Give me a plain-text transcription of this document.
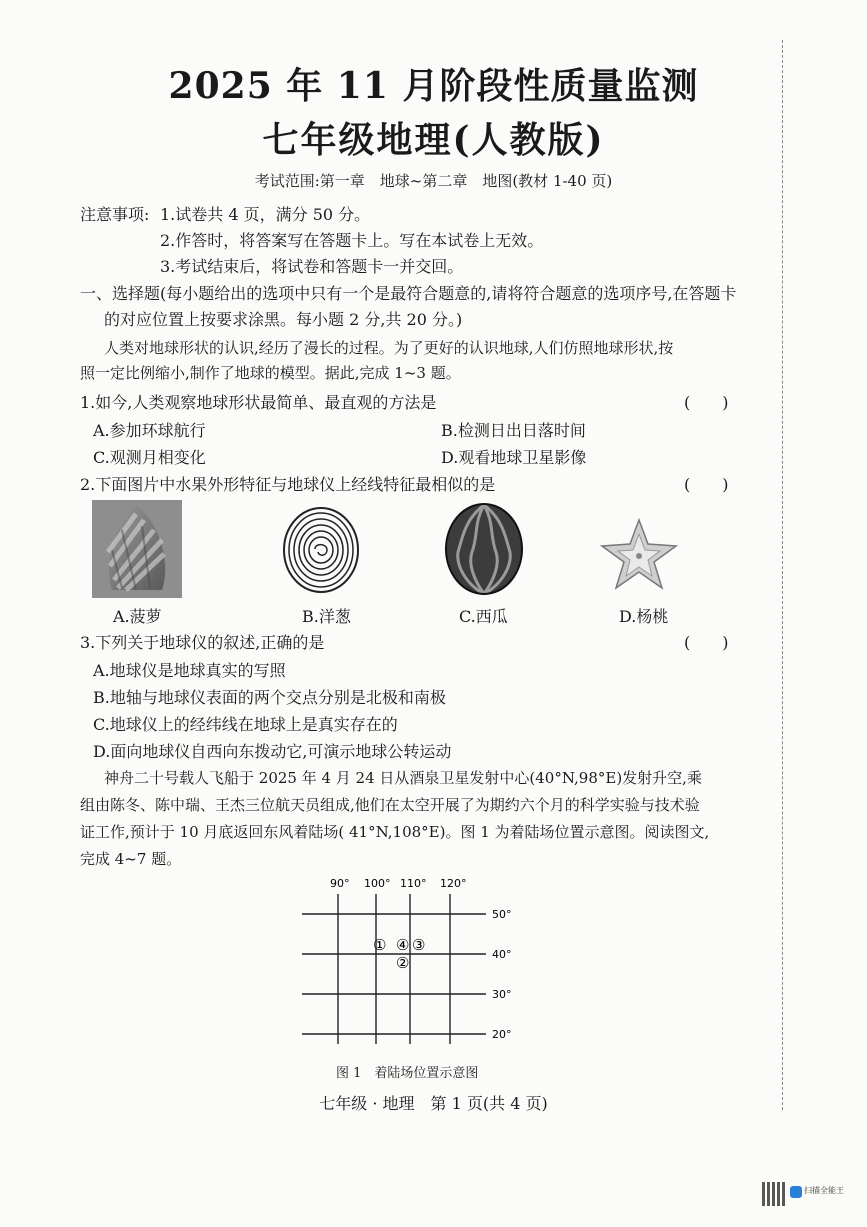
2025 年 11 月阶段性质量监测
七年级地理(人教版)
考试范围:第一章　地球~第二章　地图(教材 1-40 页)
注意事项: 1.试卷共 4 页，满分 50 分。
2.作答时，将答案写在答题卡上。写在本试卷上无效。
3.考试结束后，将试卷和答题卡一并交回。
一、选择题(每小题给出的选项中只有一个是最符合题意的,请将符合题意的选项序号,在答题卡
的对应位置上按要求涂黑。每小题 2 分,共 20 分。)
人类对地球形状的认识,经历了漫长的过程。为了更好的认识地球,人们仿照地球形状,按
照一定比例缩小,制作了地球的模型。据此,完成 1~3 题。
1.如今,人类观察地球形状最简单、最直观的方法是	(　　)
A.参加环球航行	B.检测日出日落时间
C.观测月相变化	D.观看地球卫星影像
2.下面图片中水果外形特征与地球仪上经线特征最相似的是	(　　)
A.菠萝	B.洋葱	C.西瓜	D.杨桃
3.下列关于地球仪的叙述,正确的是	(　　)
A.地球仪是地球真实的写照
B.地轴与地球仪表面的两个交点分别是北极和南极
C.地球仪上的经纬线在地球上是真实存在的
D.面向地球仪自西向东拨动它,可演示地球公转运动
神舟二十号载人飞船于 2025 年 4 月 24 日从酒泉卫星发射中心(40°N,98°E)发射升空,乘
组由陈冬、陈中瑞、王杰三位航天员组成,他们在太空开展了为期约六个月的科学实验与技术验
证工作,预计于 10 月底返回东风着陆场( 41°N,108°E)。图 1 为着陆场位置示意图。阅读图文,
完成 4~7 题。
90° 100° 110° 120°
50°
40°
30°
20°
① ④ ③
②
图 1　着陆场位置示意图
七年级 · 地理　第 1 页(共 4 页)
扫描全能王
